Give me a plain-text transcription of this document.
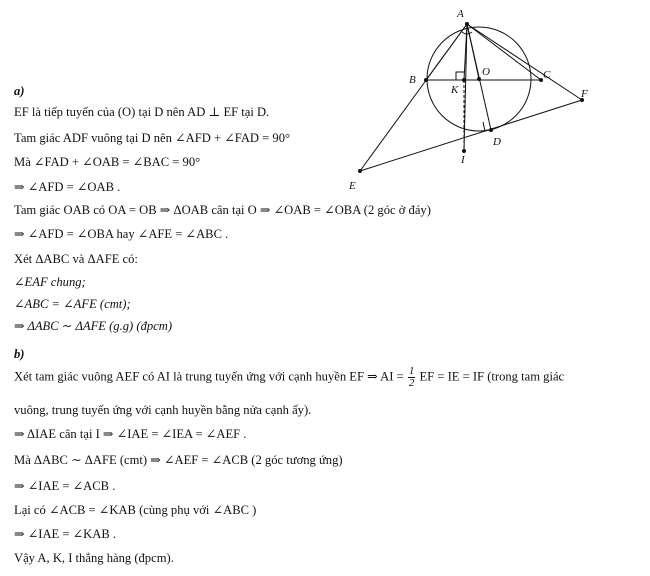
A
B
O	C
K	F
D
I
E
a)
EF là tiếp tuyến của (O) tại D nên AD ⊥ EF tại D.
Tam giác ADF vuông tại D nên ∠AFD + ∠FAD = 90°
Mà ∠FAD + ∠OAB = ∠BAC = 90°
⇒ ∠AFD = ∠OAB .
Tam giác OAB có OA = OB ⇒ ΔOAB cân tại O ⇒ ∠OAB = ∠OBA (2 góc ở đáy)
⇒ ∠AFD = ∠OBA hay ∠AFE = ∠ABC .
Xét ΔABC và ΔAFE có:
∠EAF chung;
∠ABC = ∠AFE (cmt);
⇒ ΔABC ∼ ΔAFE (g.g) (đpcm)
b)
Xét tam giác vuông AEF có AI là trung tuyến ứng với cạnh huyền EF ⇒ AI = $\frac{1}{2}$ EF = IE = IF (trong tam giác
vuông, trung tuyến ứng với cạnh huyền bằng nửa cạnh ấy).
⇒ ΔIAE cân tại I ⇒ ∠IAE = ∠IEA = ∠AEF .
Mà ΔABC ∼ ΔAFE (cmt) ⇒ ∠AEF = ∠ACB (2 góc tương ứng)
⇒ ∠IAE = ∠ACB .
Lại có ∠ACB = ∠KAB (cùng phụ với ∠ABC )
⇒ ∠IAE = ∠KAB .
Vậy A, K, I thẳng hàng (đpcm).
